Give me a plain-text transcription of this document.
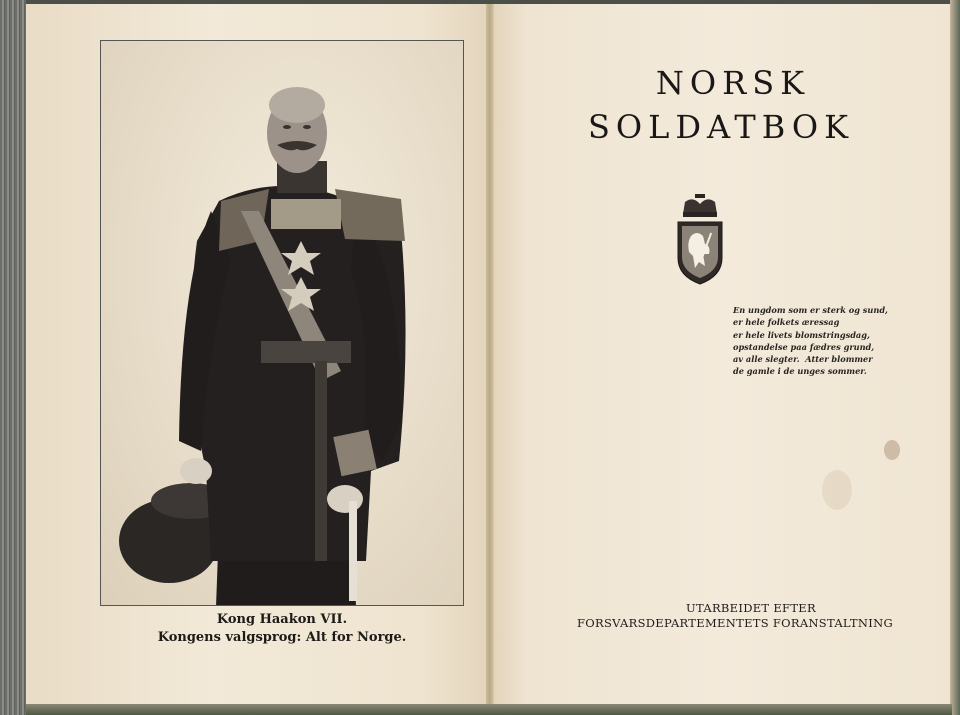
Kong Haakon VII.
Kongens valgsprog: Alt for Norge.
NORSK
SOLDATBOK
En ungdom som er sterk og sund,
er hele folkets æressag
er hele livets blomstringsdag,
opstandelse paa fædres grund,
av alle slegter.  Atter blommer
de gamle i de unges sommer.
UTARBEIDET EFTER
FORSVARSDEPARTEMENTETS FORANSTALTNING
